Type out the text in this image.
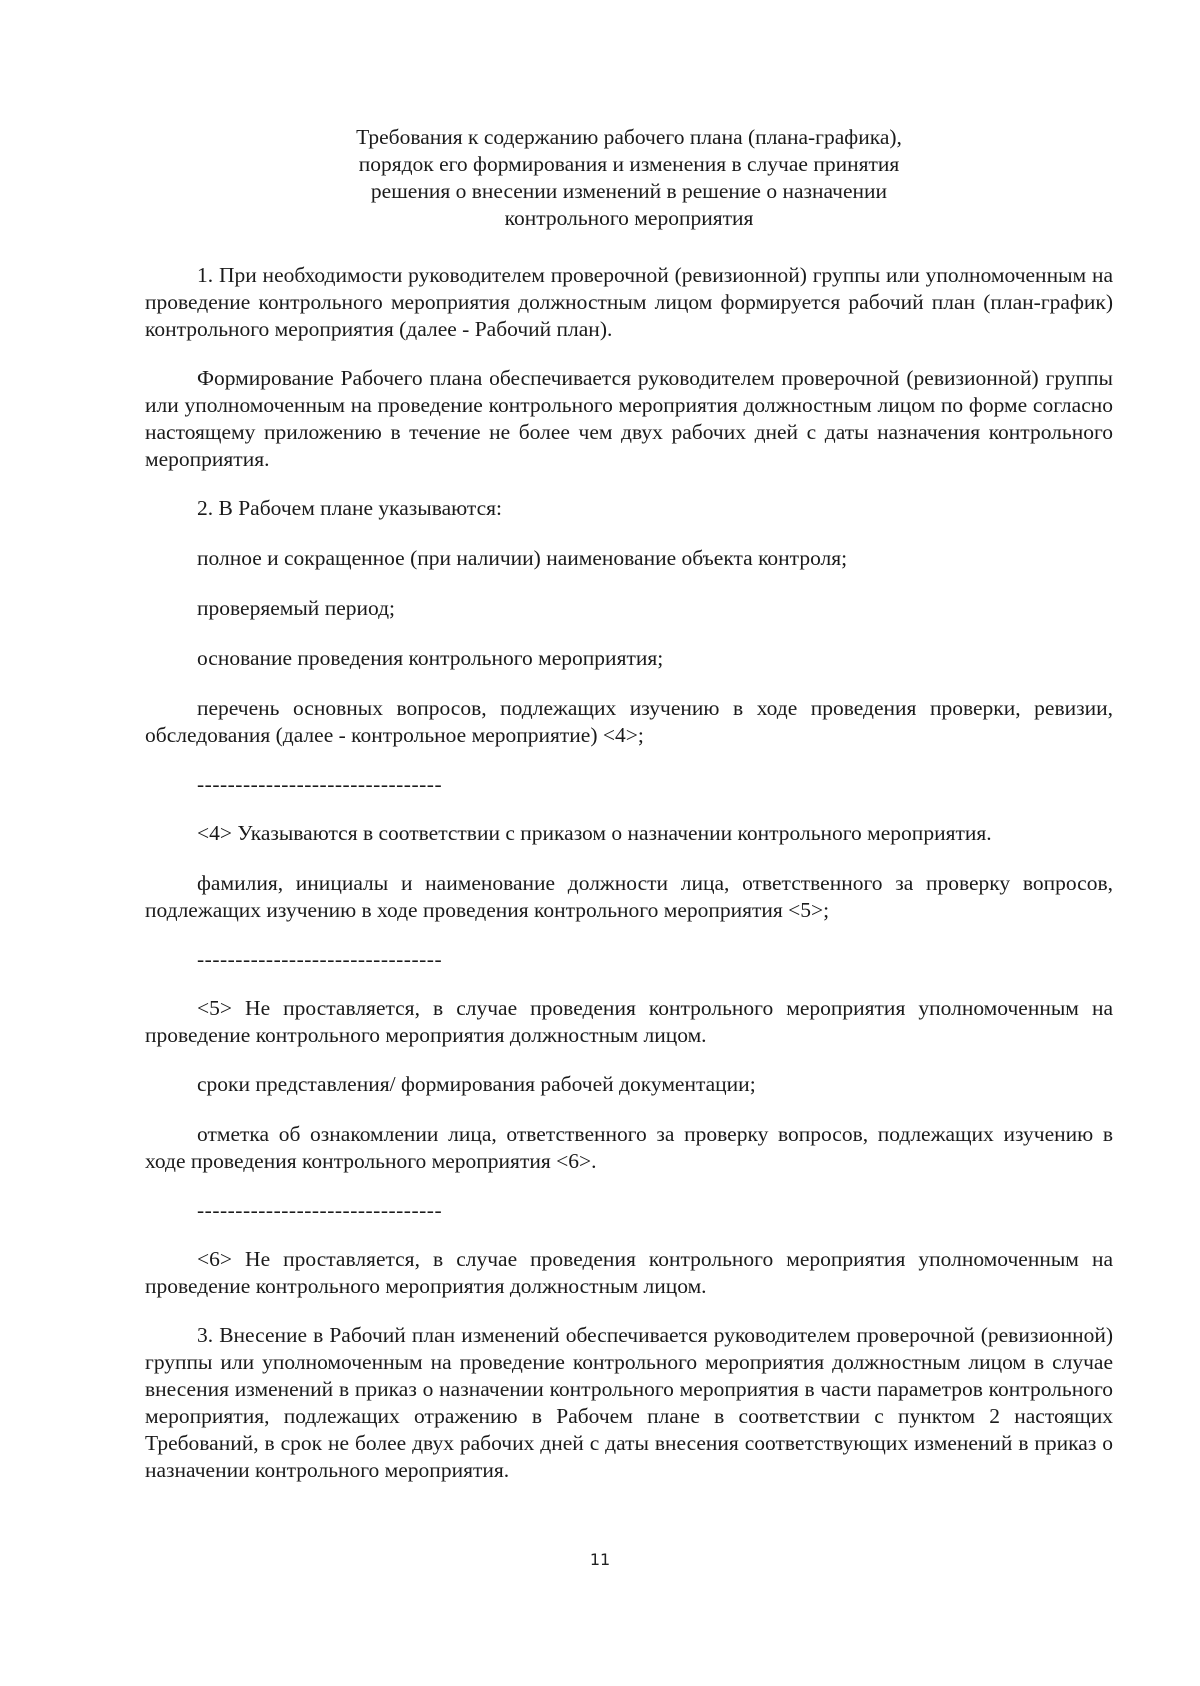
Требования к содержанию рабочего плана (плана-графика),
порядок его формирования и изменения в случае принятия
решения о внесении изменений в решение о назначении
контрольного мероприятия

1. При необходимости руководителем проверочной (ревизионной) группы или уполномоченным на проведение контрольного мероприятия должностным лицом формируется рабочий план (план-график) контрольного мероприятия (далее - Рабочий план).

Формирование Рабочего плана обеспечивается руководителем проверочной (ревизионной) группы или уполномоченным на проведение контрольного мероприятия должностным лицом по форме согласно настоящему приложению в течение не более чем двух рабочих дней с даты назначения контрольного мероприятия.

2. В Рабочем плане указываются:

полное и сокращенное (при наличии) наименование объекта контроля;

проверяемый период;

основание проведения контрольного мероприятия;

перечень основных вопросов, подлежащих изучению в ходе проведения проверки, ревизии, обследования (далее - контрольное мероприятие) <4>;

--------------------------------

<4> Указываются в соответствии с приказом о назначении контрольного мероприятия.

фамилия, инициалы и наименование должности лица, ответственного за проверку вопросов, подлежащих изучению в ходе проведения контрольного мероприятия <5>;

--------------------------------

<5> Не проставляется, в случае проведения контрольного мероприятия уполномоченным на проведение контрольного мероприятия должностным лицом.

сроки представления/ формирования рабочей документации;

отметка об ознакомлении лица, ответственного за проверку вопросов, подлежащих изучению в ходе проведения контрольного мероприятия <6>.

--------------------------------

<6> Не проставляется, в случае проведения контрольного мероприятия уполномоченным на проведение контрольного мероприятия должностным лицом.

3. Внесение в Рабочий план изменений обеспечивается руководителем проверочной (ревизионной) группы или уполномоченным на проведение контрольного мероприятия должностным лицом в случае внесения изменений в приказ о назначении контрольного мероприятия в части параметров контрольного мероприятия, подлежащих отражению в Рабочем плане в соответствии с пунктом 2 настоящих Требований, в срок не более двух рабочих дней с даты внесения соответствующих изменений в приказ о назначении контрольного мероприятия.

11
